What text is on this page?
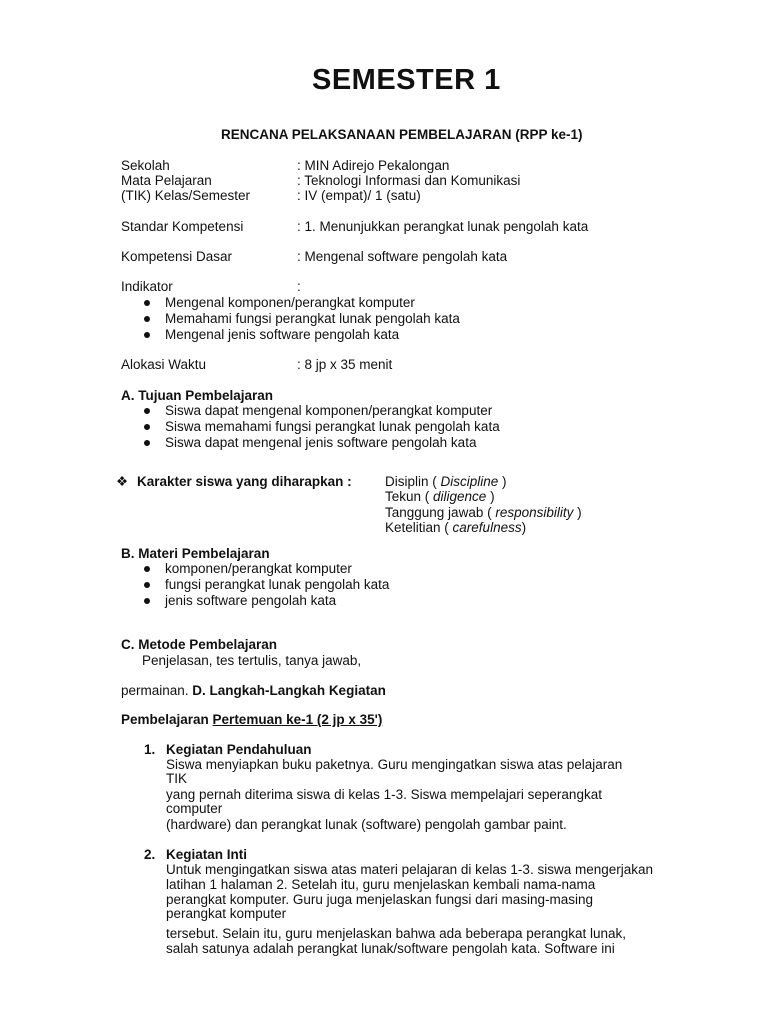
SEMESTER 1
RENCANA PELAKSANAAN PEMBELAJARAN (RPP ke-1)
Sekolah	: MIN Adirejo Pekalongan
Mata Pelajaran	: Teknologi Informasi dan Komunikasi
(TIK) Kelas/Semester	: IV (empat)/ 1 (satu)
Standar Kompetensi	: 1. Menunjukkan perangkat lunak pengolah kata
Kompetensi Dasar	: Mengenal software pengolah kata
Indikator	:
Mengenal komponen/perangkat komputer
Memahami fungsi perangkat lunak pengolah kata
Mengenal jenis software pengolah kata
Alokasi Waktu	: 8 jp x 35 menit
A. Tujuan Pembelajaran
Siswa dapat mengenal komponen/perangkat komputer
Siswa memahami fungsi perangkat lunak pengolah kata
Siswa dapat mengenal jenis software pengolah kata
❖ Karakter siswa yang diharapkan : Disiplin ( Discipline )
Tekun ( diligence )
Tanggung jawab ( responsibility )
Ketelitian ( carefulness)
B. Materi Pembelajaran
komponen/perangkat komputer
fungsi perangkat lunak pengolah kata
jenis software pengolah kata
C. Metode Pembelajaran
Penjelasan, tes tertulis, tanya jawab,
permainan. D. Langkah-Langkah Kegiatan
Pembelajaran Pertemuan ke-1 (2 jp x 35')
1. Kegiatan Pendahuluan
Siswa menyiapkan buku paketnya. Guru mengingatkan siswa atas pelajaran
TIK
yang pernah diterima siswa di kelas 1-3. Siswa mempelajari seperangkat
computer
(hardware) dan perangkat lunak (software) pengolah gambar paint.
2. Kegiatan Inti
Untuk mengingatkan siswa atas materi pelajaran di kelas 1-3. siswa mengerjakan
latihan 1 halaman 2. Setelah itu, guru menjelaskan kembali nama-nama
perangkat komputer. Guru juga menjelaskan fungsi dari masing-masing
perangkat komputer
tersebut. Selain itu, guru menjelaskan bahwa ada beberapa perangkat lunak,
salah satunya adalah perangkat lunak/software pengolah kata. Software ini
